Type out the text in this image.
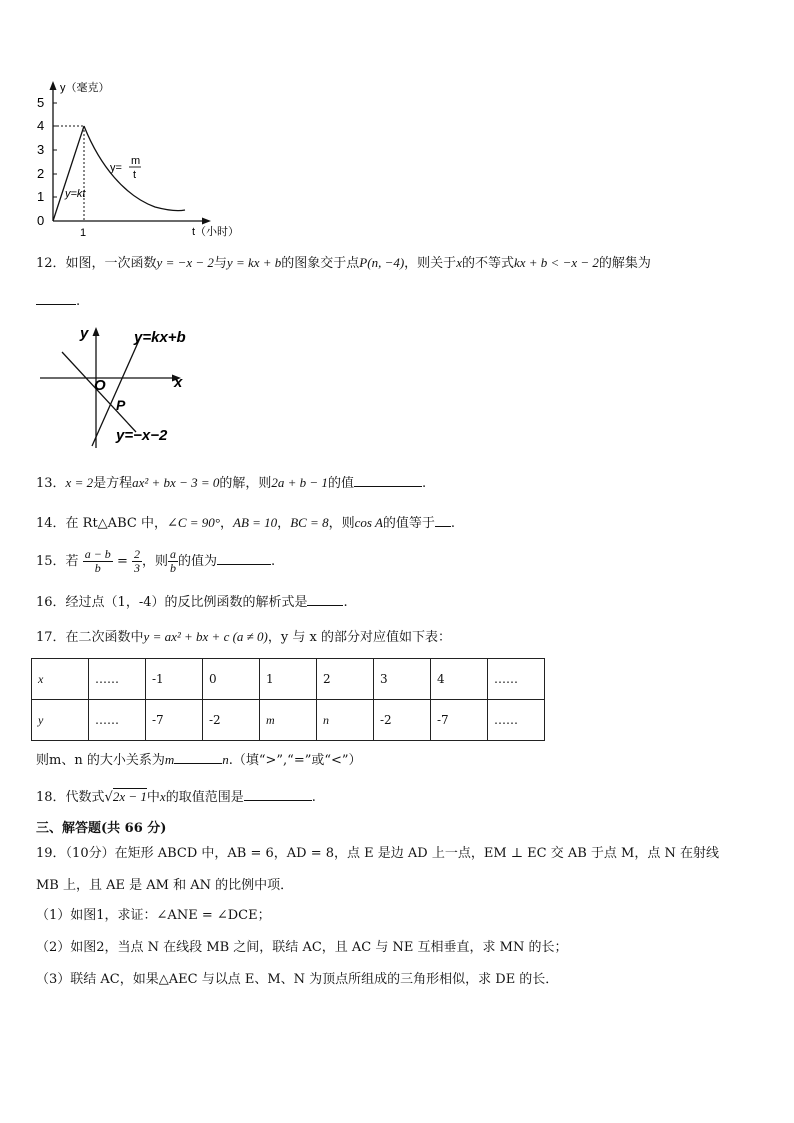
5
4
3
2
1
0
1
y（毫克）
t（小时）
y=kt
y=
m
t
12．如图，一次函数y = −x − 2与y = kx + b的图象交于点P(n, −4)，则关于x的不等式kx + b < −x − 2的解集为
.
y
x
O
P
y=kx+b
y=−x−2
13．x = 2是方程ax² + bx − 3 = 0的解，则2a + b − 1的值	.
14．在 Rt△ABC 中，∠C = 90°，AB = 10，BC = 8，则cos A的值等于 .
15．若 $\frac{a - b}{b} = \frac{2}{3}$ ，则 $\frac{a}{b}$ 的值为	.
16．经过点（1，-4）的反比例函数的解析式是	.
17．在二次函数中y = ax² + bx + c (a ≠ 0)，y 与 x 的部分对应值如下表：
x	……	-1	0	1	2	3	4	……
y	……	-7	-2	m	n	-2	-7	……
则m、n 的大小关系为m	n.（填“>”,“=”或“<”）
18．代数式√2x − 1中x的取值范围是	.
三、解答题(共 66 分)
19．（10分）在矩形 ABCD 中，AB = 6，AD = 8，点 E 是边 AD 上一点，EM ⊥ EC 交 AB 于点 M，点 N 在射线
MB 上，且 AE 是 AM 和 AN 的比例中项．
（1）如图1，求证：∠ANE = ∠DCE；
（2）如图2，当点 N 在线段 MB 之间，联结 AC，且 AC 与 NE 互相垂直，求 MN 的长；
（3）联结 AC，如果△AEC 与以点 E、M、N 为顶点所组成的三角形相似，求 DE 的长．
